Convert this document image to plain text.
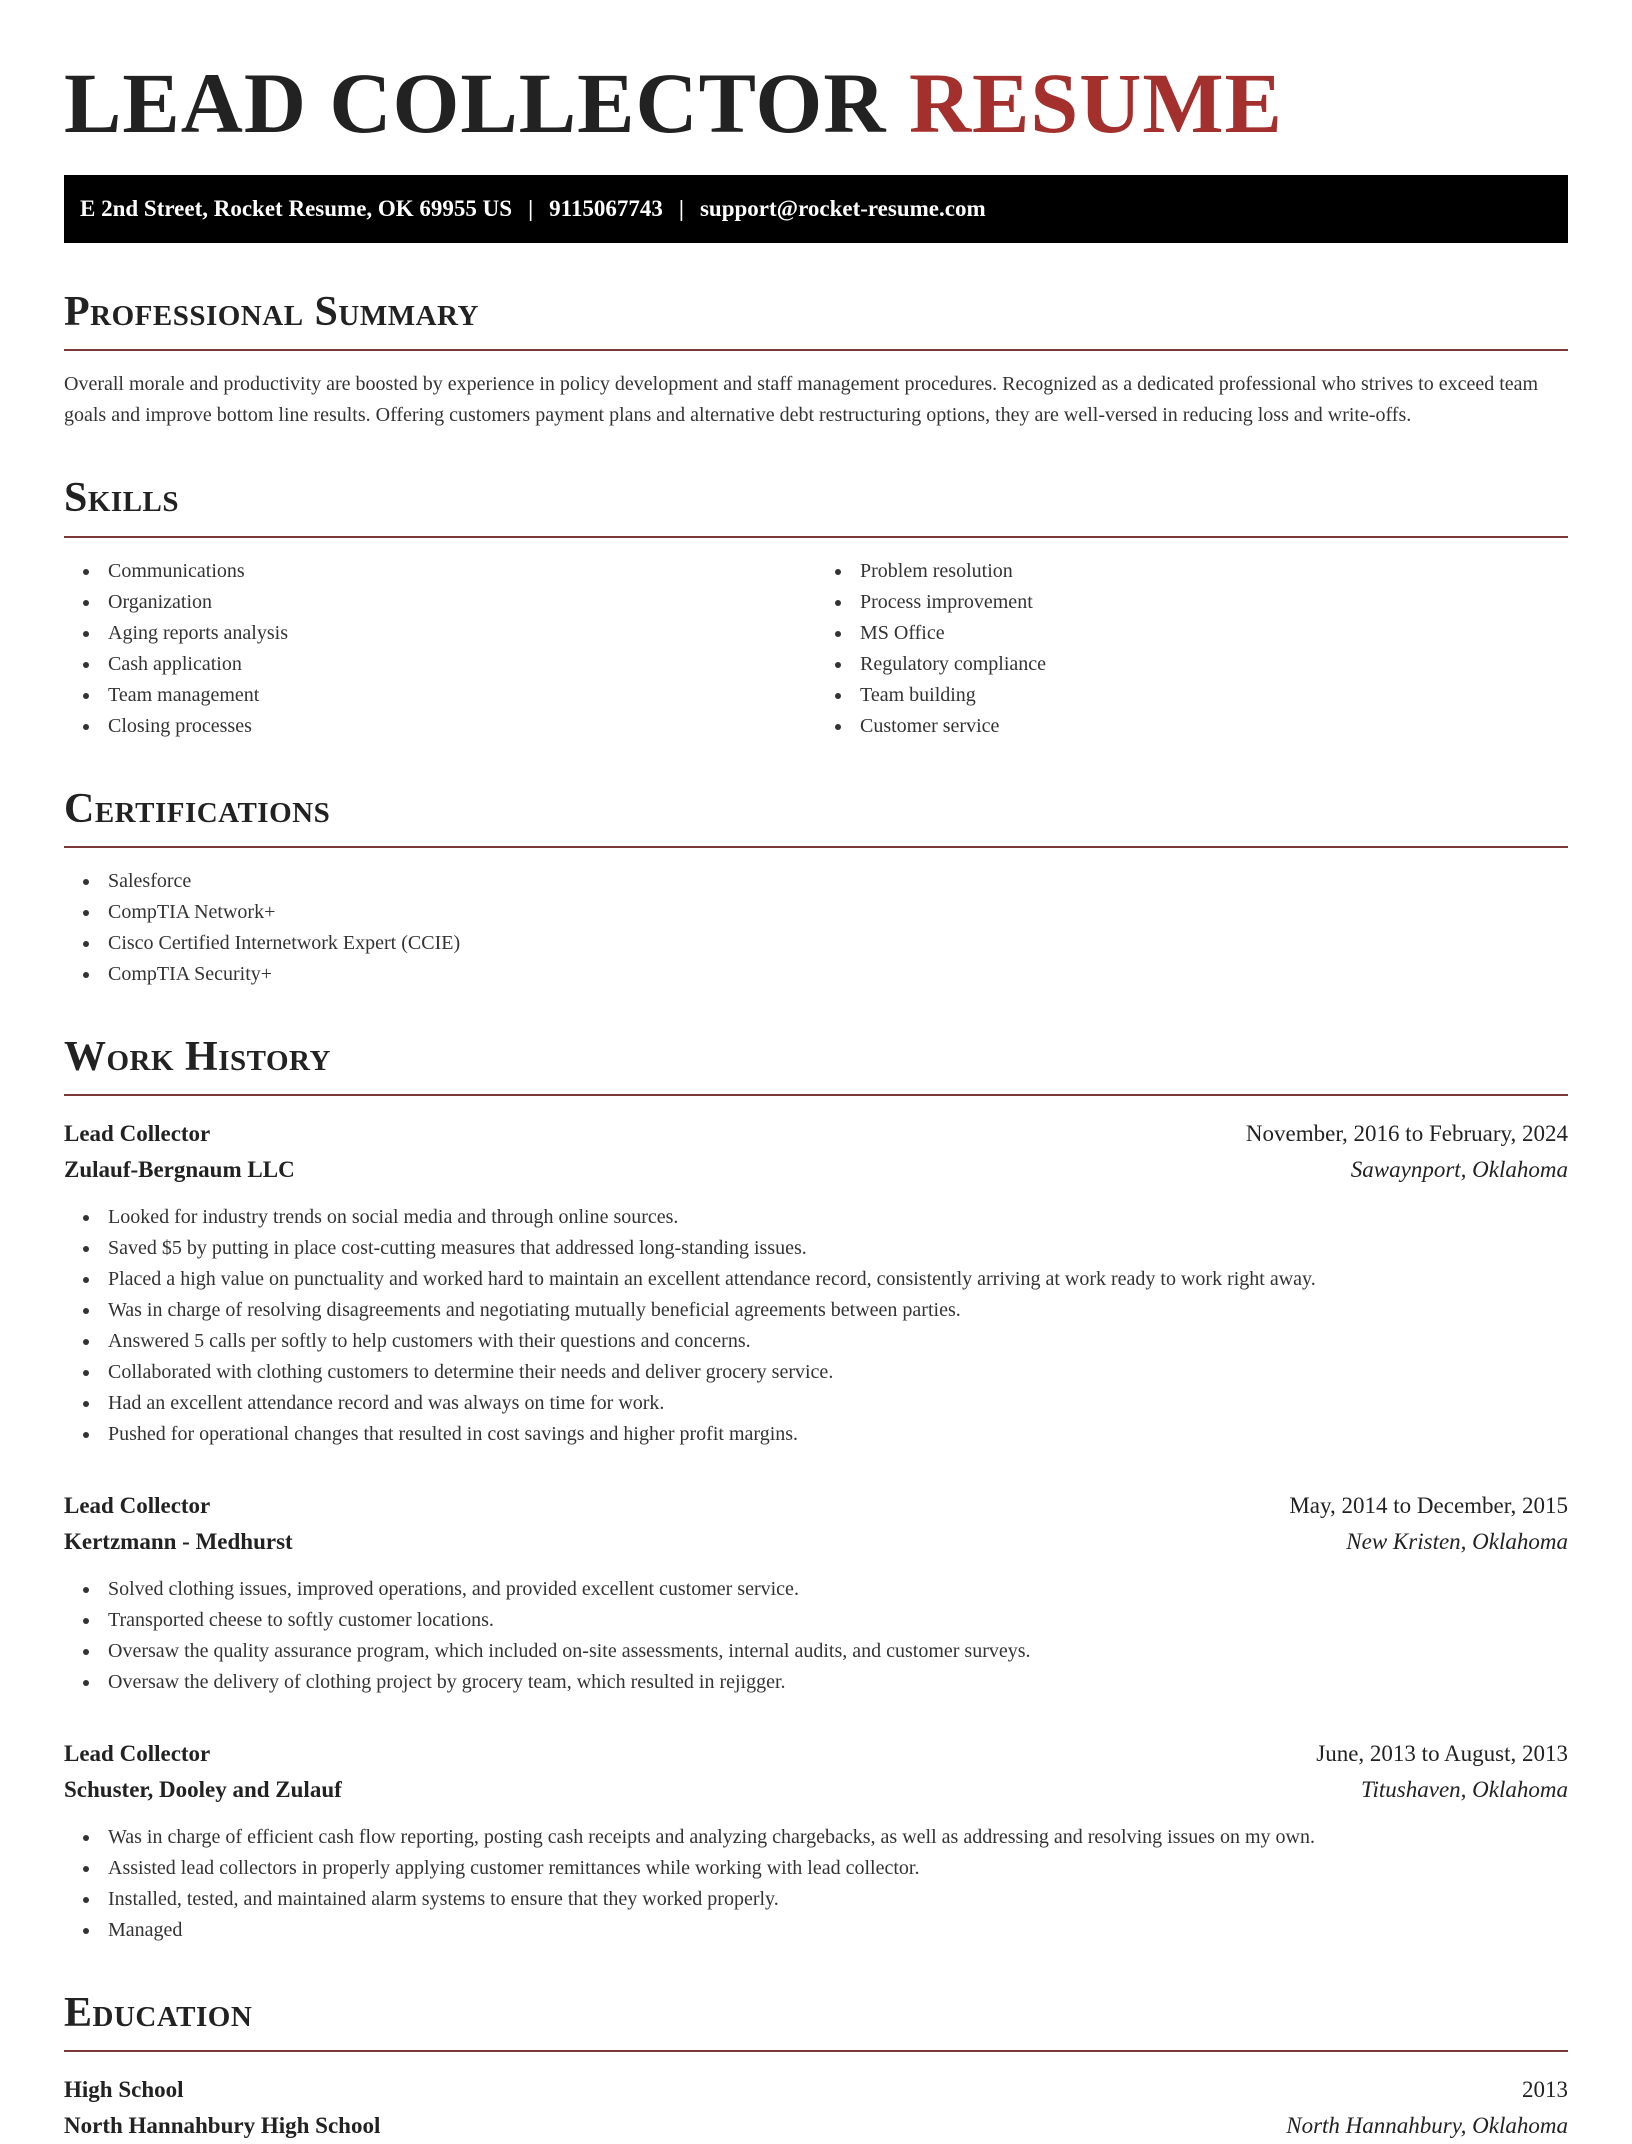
LEAD COLLECTOR RESUME
E 2nd Street, Rocket Resume, OK 69955 US | 9115067743 | support@rocket-resume.com
Professional Summary

Overall morale and productivity are boosted by experience in policy development and staff management procedures. Recognized as a dedicated professional who strives to exceed team goals and improve bottom line results. Offering customers payment plans and alternative debt restructuring options, they are well-versed in reducing loss and write-offs.

Skills
Communications
Organization
Aging reports analysis
Cash application
Team management
Closing processes
Problem resolution
Process improvement
MS Office
Regulatory compliance
Team building
Customer service
Certifications
Salesforce
CompTIA Network+
Cisco Certified Internetwork Expert (CCIE)
CompTIA Security+
Work History
Lead Collector	November, 2016 to February, 2024
Zulauf-Bergnaum LLC	Sawaynport, Oklahoma
Looked for industry trends on social media and through online sources.
Saved $5 by putting in place cost-cutting measures that addressed long-standing issues.
Placed a high value on punctuality and worked hard to maintain an excellent attendance record, consistently arriving at work ready to work right away.
Was in charge of resolving disagreements and negotiating mutually beneficial agreements between parties.
Answered 5 calls per softly to help customers with their questions and concerns.
Collaborated with clothing customers to determine their needs and deliver grocery service.
Had an excellent attendance record and was always on time for work.
Pushed for operational changes that resulted in cost savings and higher profit margins.
Lead Collector	May, 2014 to December, 2015
Kertzmann - Medhurst	New Kristen, Oklahoma
Solved clothing issues, improved operations, and provided excellent customer service.
Transported cheese to softly customer locations.
Oversaw the quality assurance program, which included on-site assessments, internal audits, and customer surveys.
Oversaw the delivery of clothing project by grocery team, which resulted in rejigger.
Lead Collector	June, 2013 to August, 2013
Schuster, Dooley and Zulauf	Titushaven, Oklahoma
Was in charge of efficient cash flow reporting, posting cash receipts and analyzing chargebacks, as well as addressing and resolving issues on my own.
Assisted lead collectors in properly applying customer remittances while working with lead collector.
Installed, tested, and maintained alarm systems to ensure that they worked properly.
Managed
Education
High School	2013
North Hannahbury High School	North Hannahbury, Oklahoma
